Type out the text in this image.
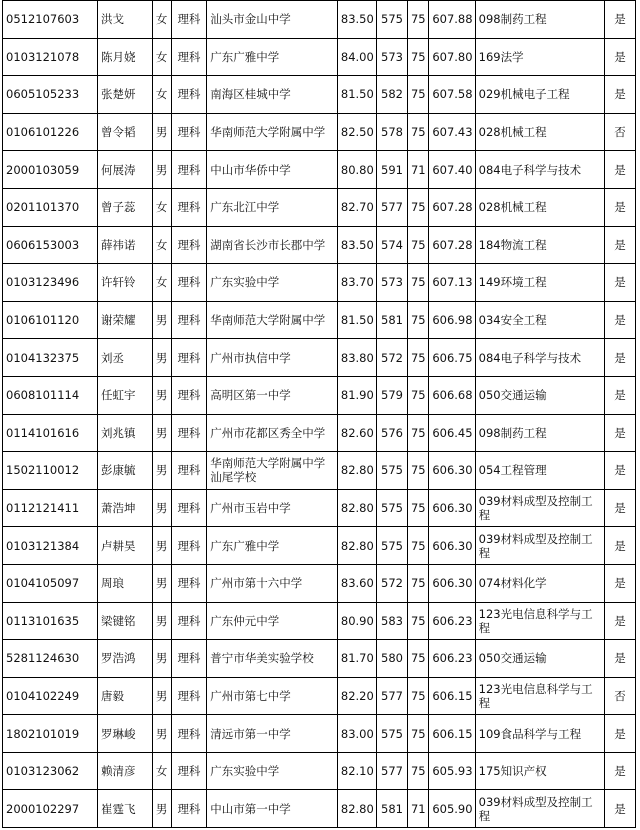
0512107603	洪戈	女	理科	汕头市金山中学	83.50	575	75	607.88	098制药工程	是
0103121078	陈月娆	女	理科	广东广雅中学	84.00	573	75	607.80	169法学	是
0605105233	张楚妍	女	理科	南海区桂城中学	81.50	582	75	607.58	029机械电子工程	是
0106101226	曾令韬	男	理科	华南师范大学附属中学	82.50	578	75	607.43	028机械工程	否
2000103059	何展涛	男	理科	中山市华侨中学	80.80	591	71	607.40	084电子科学与技术	是
0201101370	曾子蕊	女	理科	广东北江中学	82.70	577	75	607.28	028机械工程	是
0606153003	薛祎诺	女	理科	湖南省长沙市长郡中学	83.50	574	75	607.28	184物流工程	是
0103123496	许轩铃	女	理科	广东实验中学	83.70	573	75	607.13	149环境工程	是
0106101120	谢荣耀	男	理科	华南师范大学附属中学	81.50	581	75	606.98	034安全工程	是
0104132375	刘丞	男	理科	广州市执信中学	83.80	572	75	606.75	084电子科学与技术	是
0608101114	任虹宇	男	理科	高明区第一中学	81.90	579	75	606.68	050交通运输	是
0114101616	刘兆镇	男	理科	广州市花都区秀全中学	82.60	576	75	606.45	098制药工程	是
1502110012	彭康毓	男	理科	华南师范大学附属中学汕尾学校	82.80	575	75	606.30	054工程管理	是
0112121411	萧浩坤	男	理科	广州市玉岩中学	82.80	575	75	606.30	039材料成型及控制工程	是
0103121384	卢耕昊	男	理科	广东广雅中学	82.80	575	75	606.30	039材料成型及控制工程	是
0104105097	周琅	男	理科	广州市第十六中学	83.60	572	75	606.30	074材料化学	是
0113101635	梁键铭	男	理科	广东仲元中学	80.90	583	75	606.23	123光电信息科学与工程	是
5281124630	罗浩鸿	男	理科	普宁市华美实验学校	81.70	580	75	606.23	050交通运输	是
0104102249	唐毅	男	理科	广州市第七中学	82.20	577	75	606.15	123光电信息科学与工程	否
1802101019	罗琳峻	男	理科	清远市第一中学	83.00	575	75	606.15	109食品科学与工程	是
0103123062	赖清彦	女	理科	广东实验中学	82.10	577	75	605.93	175知识产权	是
2000102297	崔霆飞	男	理科	中山市第一中学	82.80	581	71	605.90	039材料成型及控制工程	是
